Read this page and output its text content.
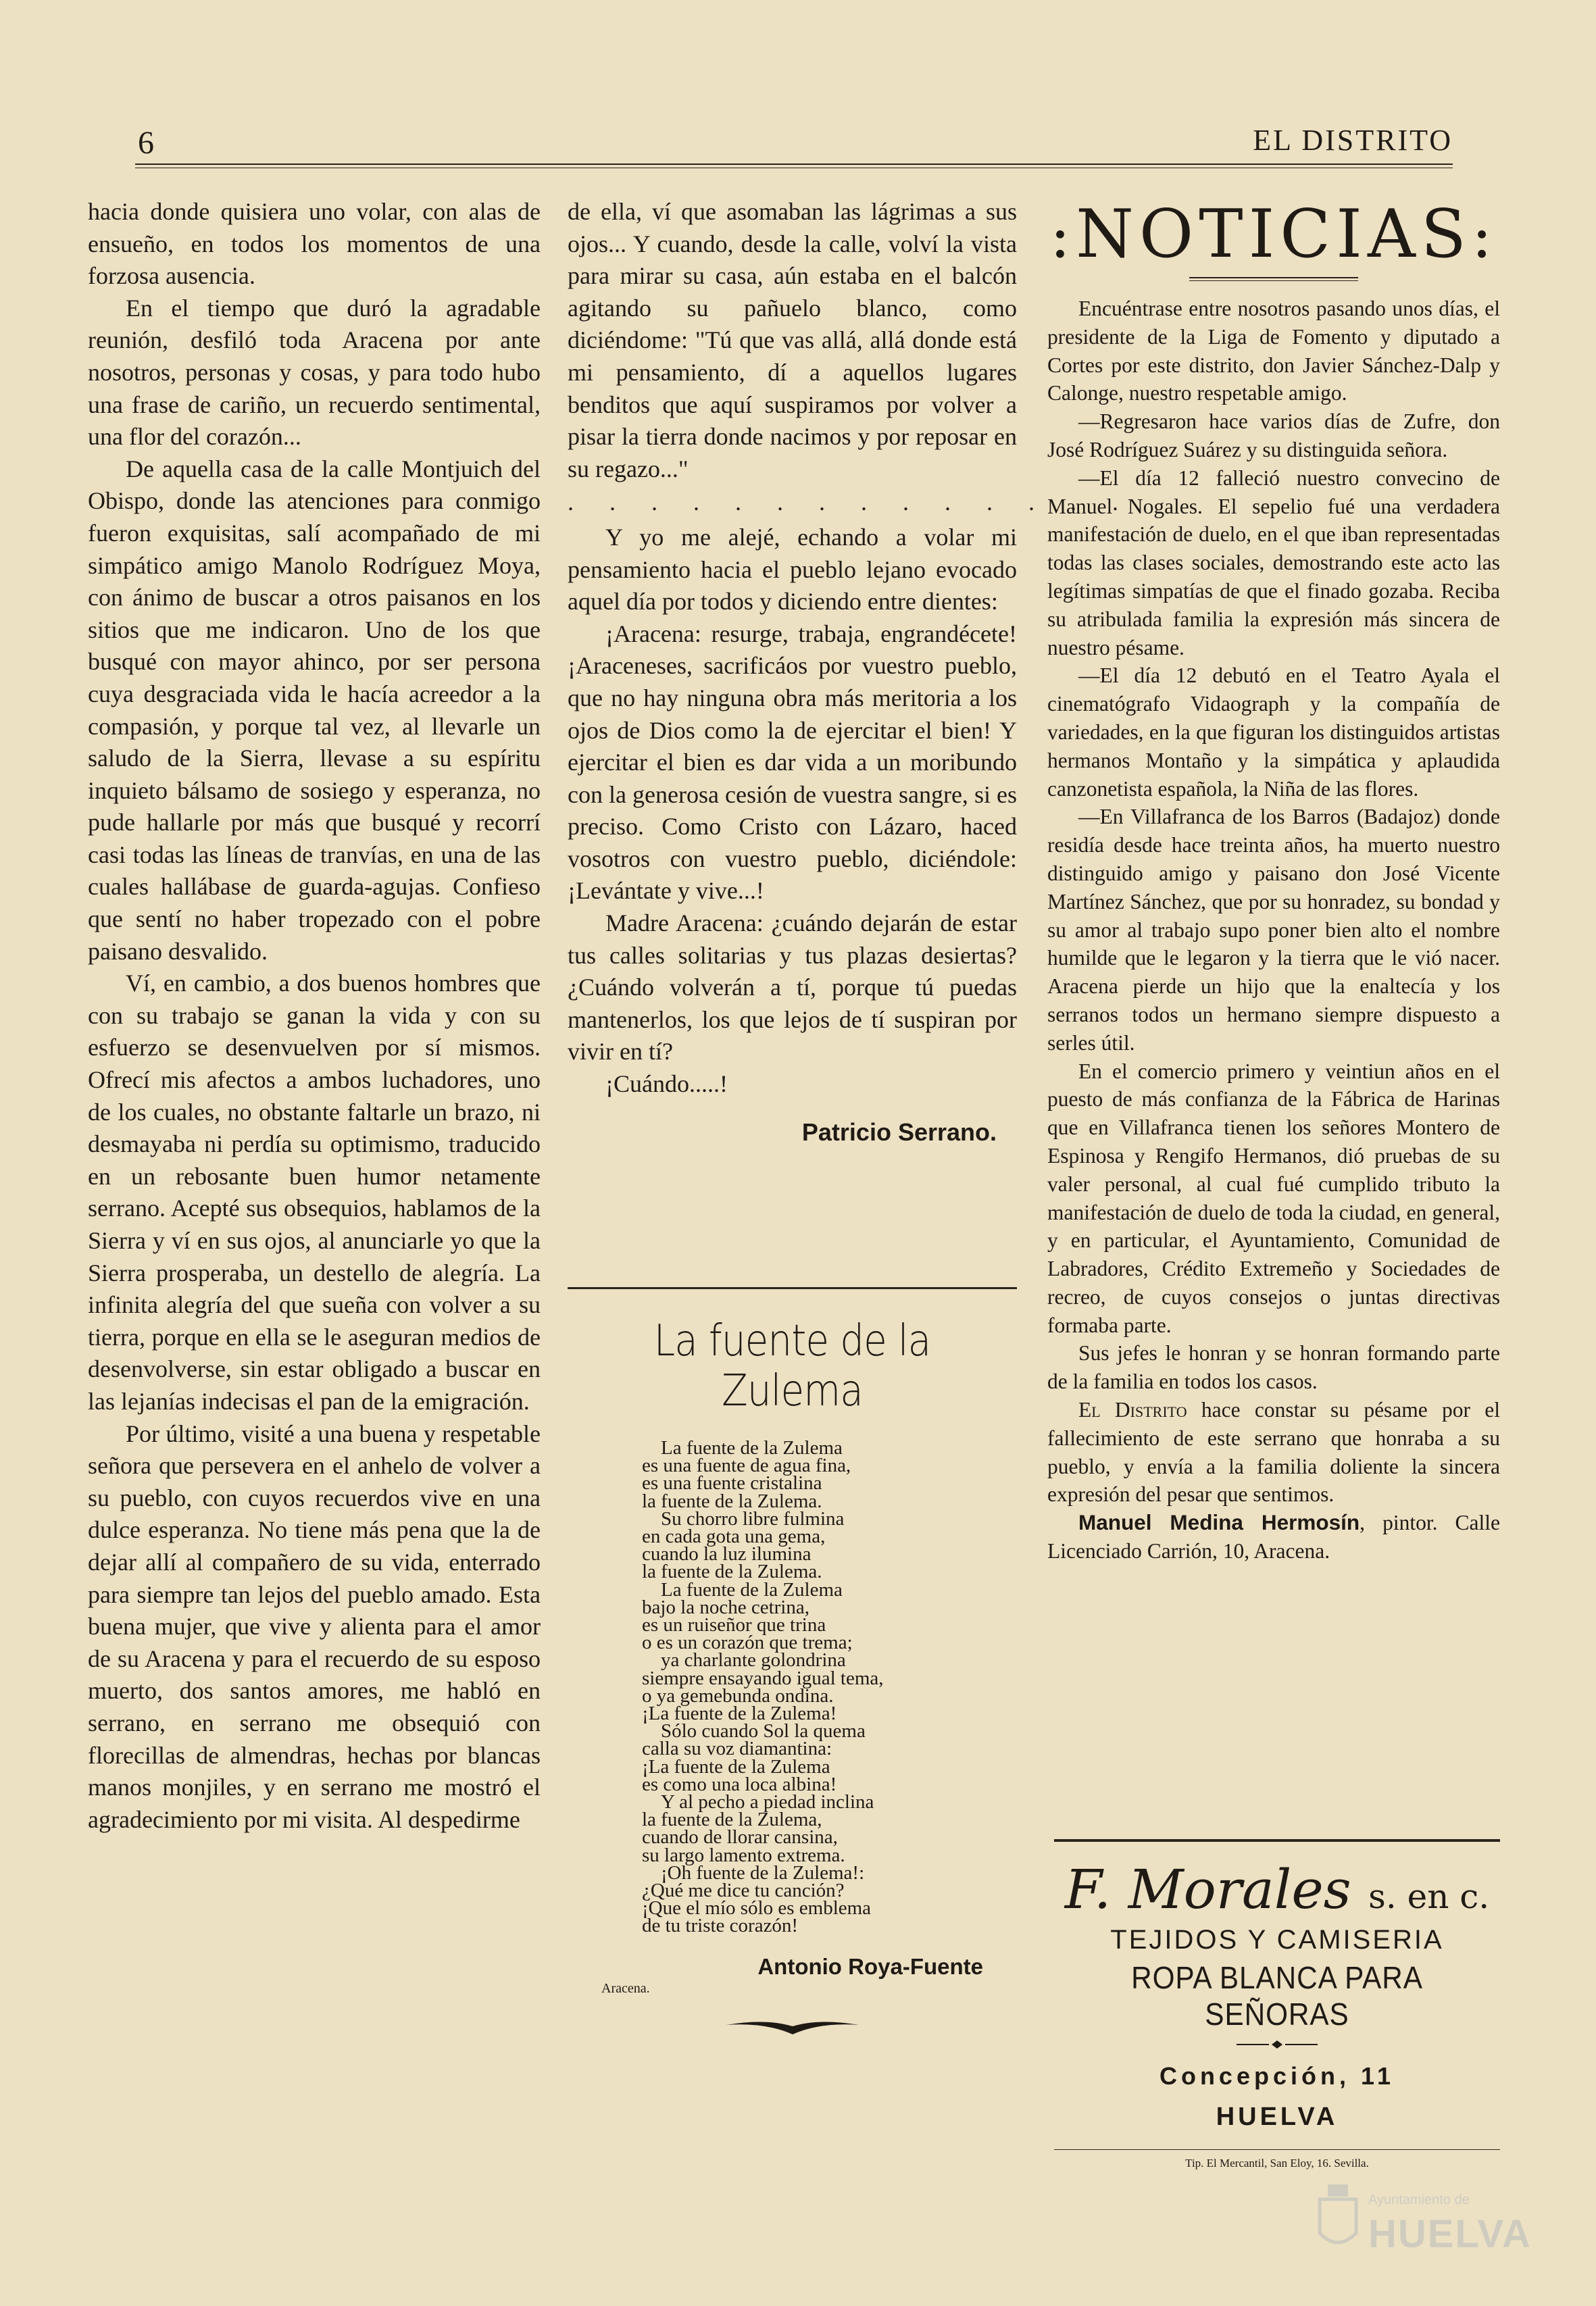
6	EL DISTRITO

hacia donde quisiera uno volar, con alas de ensueño, en todos los momentos de una forzosa ausencia.

En el tiempo que duró la agradable reunión, desfiló toda Aracena por ante nosotros, personas y cosas, y para todo hubo una frase de cariño, un recuerdo sentimental, una flor del corazón...

De aquella casa de la calle Montjuich del Obispo, donde las atenciones para conmigo fueron exquisitas, salí acompañado de mi simpático amigo Manolo Rodríguez Moya, con ánimo de buscar a otros paisanos en los sitios que me indicaron. Uno de los que busqué con mayor ahinco, por ser persona cuya desgraciada vida le hacía acreedor a la compasión, y porque tal vez, al llevarle un saludo de la Sierra, llevase a su espíritu inquieto bálsamo de sosiego y esperanza, no pude hallarle por más que busqué y recorrí casi todas las líneas de tranvías, en una de las cuales hallábase de guarda-agujas. Confieso que sentí no haber tropezado con el pobre paisano desvalido.

Ví, en cambio, a dos buenos hombres que con su trabajo se ganan la vida y con su esfuerzo se desenvuelven por sí mismos. Ofrecí mis afectos a ambos luchadores, uno de los cuales, no obstante faltarle un brazo, ni desmayaba ni perdía su optimismo, traducido en un rebosante buen humor netamente serrano. Acepté sus obsequios, hablamos de la Sierra y ví en sus ojos, al anunciarle yo que la Sierra prosperaba, un destello de alegría. La infinita alegría del que sueña con volver a su tierra, porque en ella se le aseguran medios de desenvolverse, sin estar obligado a buscar en las lejanías indecisas el pan de la emigración.

Por último, visité a una buena y respetable señora que persevera en el anhelo de volver a su pueblo, con cuyos recuerdos vive en una dulce esperanza. No tiene más pena que la de dejar allí al compañero de su vida, enterrado para siempre tan lejos del pueblo amado. Esta buena mujer, que vive y alienta para el amor de su Aracena y para el recuerdo de su esposo muerto, dos santos amores, me habló en serrano, en serrano me obsequió con florecillas de almendras, hechas por blancas manos monjiles, y en serrano me mostró el agradecimiento por mi visita. Al despedirme

de ella, ví que asomaban las lágrimas a sus ojos... Y cuando, desde la calle, volví la vista para mirar su casa, aún estaba en el balcón agitando su pañuelo blanco, como diciéndome: "Tú que vas allá, allá donde está mi pensamiento, dí a aquellos lugares benditos que aquí suspiramos por volver a pisar la tierra donde nacimos y por reposar en su regazo..."

. . . . . . . . . . . . . .

Y yo me alejé, echando a volar mi pensamiento hacia el pueblo lejano evocado aquel día por todos y diciendo entre dientes:

¡Aracena: resurge, trabaja, engrandécete! ¡Araceneses, sacrificáos por vuestro pueblo, que no hay ninguna obra más meritoria a los ojos de Dios como la de ejercitar el bien! Y ejercitar el bien es dar vida a un moribundo con la generosa cesión de vuestra sangre, si es preciso. Como Cristo con Lázaro, haced vosotros con vuestro pueblo, diciéndole: ¡Levántate y vive...!

Madre Aracena: ¿cuándo dejarán de estar tus calles solitarias y tus plazas desiertas? ¿Cuándo volverán a tí, porque tú puedas mantenerlos, los que lejos de tí suspiran por vivir en tí?

¡Cuándo.....!

Patricio Serrano.
La fuente de la Zulema
La fuente de la Zulema
es una fuente de agua fina,
es una fuente cristalina
la fuente de la Zulema.
Su chorro libre fulmina
en cada gota una gema,
cuando la luz ilumina
la fuente de la Zulema.
La fuente de la Zulema
bajo la noche cetrina,
es un ruiseñor que trina
o es un corazón que trema;
ya charlante golondrina
siempre ensayando igual tema,
o ya gemebunda ondina.
¡La fuente de la Zulema!
Sólo cuando Sol la quema
calla su voz diamantina:
¡La fuente de la Zulema
es como una loca albina!
Y al pecho a piedad inclina
la fuente de la Zulema,
cuando de llorar cansina,
su largo lamento extrema.
¡Oh fuente de la Zulema!:
¿Qué me dice tu canción?
¡Que el mío sólo es emblema
de tu triste corazón!
Antonio Roya-Fuente
Aracena.
:NOTICIAS:

Encuéntrase entre nosotros pasando unos días, el presidente de la Liga de Fomento y diputado a Cortes por este distrito, don Javier Sánchez-Dalp y Calonge, nuestro respetable amigo.

—Regresaron hace varios días de Zufre, don José Rodríguez Suárez y su distinguida señora.

—El día 12 falleció nuestro convecino de Manuel Nogales. El sepelio fué una verdadera manifestación de duelo, en el que iban representadas todas las clases sociales, demostrando este acto las legítimas simpatías de que el finado gozaba. Reciba su atribulada familia la expresión más sincera de nuestro pésame.

—El día 12 debutó en el Teatro Ayala el cinematógrafo Vidaograph y la compañía de variedades, en la que figuran los distinguidos artistas hermanos Montaño y la simpática y aplaudida canzonetista española, la Niña de las flores.

—En Villafranca de los Barros (Badajoz) donde residía desde hace treinta años, ha muerto nuestro distinguido amigo y paisano don José Vicente Martínez Sánchez, que por su honradez, su bondad y su amor al trabajo supo poner bien alto el nombre humilde que le legaron y la tierra que le vió nacer. Aracena pierde un hijo que la enaltecía y los serranos todos un hermano siempre dispuesto a serles útil.

En el comercio primero y veintiun años en el puesto de más confianza de la Fábrica de Harinas que en Villafranca tienen los señores Montero de Espinosa y Rengifo Hermanos, dió pruebas de su valer personal, al cual fué cumplido tributo la manifestación de duelo de toda la ciudad, en general, y en particular, el Ayuntamiento, Comunidad de Labradores, Crédito Extremeño y Sociedades de recreo, de cuyos consejos o juntas directivas formaba parte.

Sus jefes le honran y se honran formando parte de la familia en todos los casos.

El Distrito hace constar su pésame por el fallecimiento de este serrano que honraba a su pueblo, y envía a la familia doliente la sincera expresión del pesar que sentimos.

Manuel Medina Hermosín, pintor. Calle Licenciado Carrión, 10, Aracena.

F. Morales s. en c.
TEJIDOS Y CAMISERIA
ROPA BLANCA PARA SEÑORAS
Concepción, 11
HUELVA
Tip. El Mercantil, San Eloy, 16. Sevilla.
Ayuntamiento de
HUELVA
